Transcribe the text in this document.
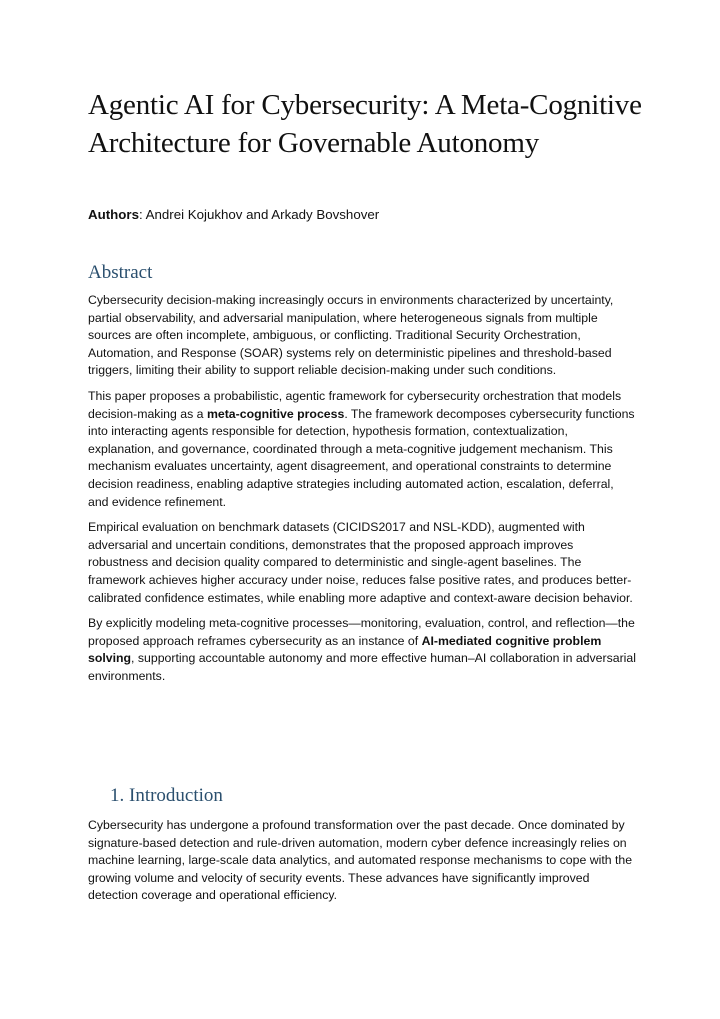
Agentic AI for Cybersecurity: A Meta-Cognitive Architecture for Governable Autonomy

Authors: Andrei Kojukhov and Arkady Bovshover

Abstract

Cybersecurity decision-making increasingly occurs in environments characterized by uncertainty, partial observability, and adversarial manipulation, where heterogeneous signals from multiple sources are often incomplete, ambiguous, or conflicting. Traditional Security Orchestration, Automation, and Response (SOAR) systems rely on deterministic pipelines and threshold-based triggers, limiting their ability to support reliable decision-making under such conditions.

This paper proposes a probabilistic, agentic framework for cybersecurity orchestration that models decision-making as a meta-cognitive process. The framework decomposes cybersecurity functions into interacting agents responsible for detection, hypothesis formation, contextualization, explanation, and governance, coordinated through a meta-cognitive judgement mechanism. This mechanism evaluates uncertainty, agent disagreement, and operational constraints to determine decision readiness, enabling adaptive strategies including automated action, escalation, deferral, and evidence refinement.

Empirical evaluation on benchmark datasets (CICIDS2017 and NSL-KDD), augmented with adversarial and uncertain conditions, demonstrates that the proposed approach improves robustness and decision quality compared to deterministic and single-agent baselines. The framework achieves higher accuracy under noise, reduces false positive rates, and produces better-calibrated confidence estimates, while enabling more adaptive and context-aware decision behavior.

By explicitly modeling meta-cognitive processes—monitoring, evaluation, control, and reflection—the proposed approach reframes cybersecurity as an instance of AI-mediated cognitive problem solving, supporting accountable autonomy and more effective human–AI collaboration in adversarial environments.

1. Introduction

Cybersecurity has undergone a profound transformation over the past decade. Once dominated by signature-based detection and rule-driven automation, modern cyber defence increasingly relies on machine learning, large-scale data analytics, and automated response mechanisms to cope with the growing volume and velocity of security events. These advances have significantly improved detection coverage and operational efficiency.
